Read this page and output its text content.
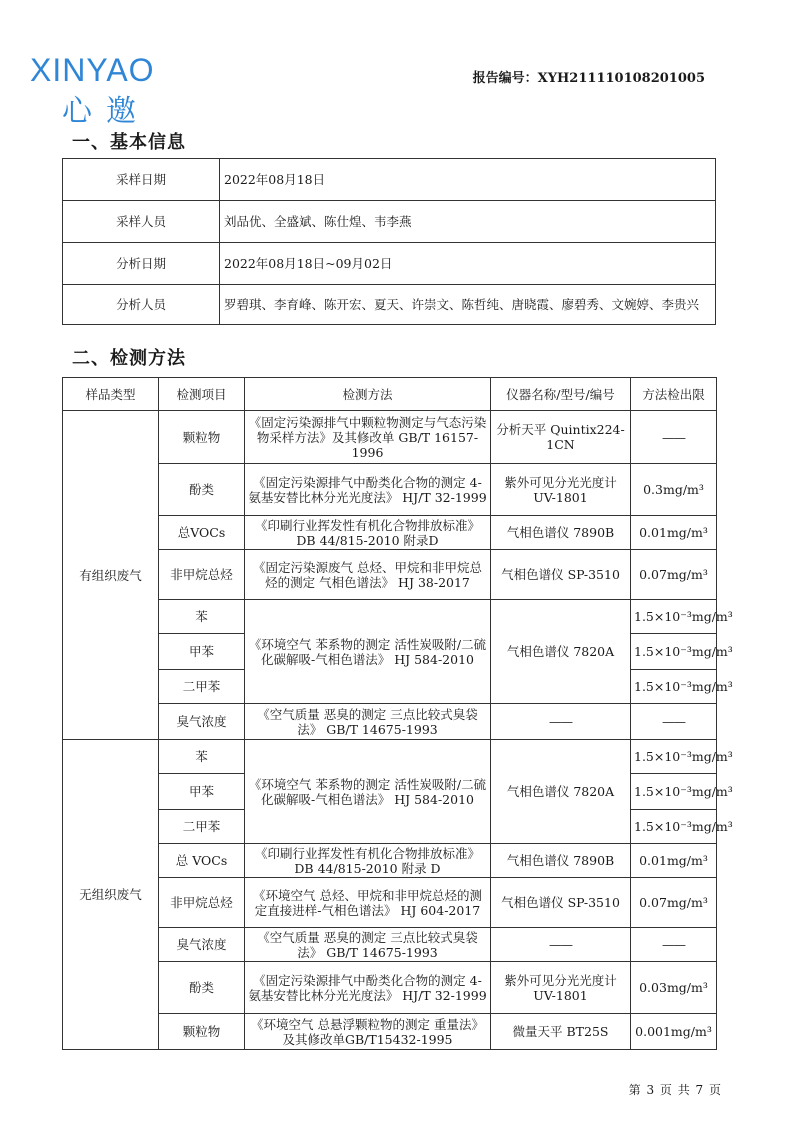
XINYAO
心邀
报告编号：XYH211110108201005
一、基本信息
采样日期	2022年08月18日
采样人员	刘品优、全盛斌、陈仕煌、韦李燕
分析日期	2022年08月18日~09月02日
分析人员	罗碧琪、李育峰、陈开宏、夏天、许崇文、陈哲纯、唐晓霞、廖碧秀、文婉婷、李贵兴
二、检测方法
样品类型	检测项目	检测方法	仪器名称/型号/编号	方法检出限
有组织废气	颗粒物	《固定污染源排气中颗粒物测定与气态污染物采样方法》及其修改单 GB/T 16157-1996	分析天平 Quintix224-1CN	——
	酚类	《固定污染源排气中酚类化合物的测定 4-氨基安替比林分光光度法》 HJ/T 32-1999	紫外可见分光光度计UV-1801	0.3mg/m³
	总VOCs	《印刷行业挥发性有机化合物排放标准》DB 44/815-2010 附录D	气相色谱仪 7890B	0.01mg/m³
	非甲烷总烃	《固定污染源废气 总烃、甲烷和非甲烷总烃的测定 气相色谱法》 HJ 38-2017	气相色谱仪 SP-3510	0.07mg/m³
	苯	《环境空气 苯系物的测定 活性炭吸附/二硫化碳解吸-气相色谱法》 HJ 584-2010	气相色谱仪 7820A	1.5×10⁻³mg/m³
	甲苯			1.5×10⁻³mg/m³
	二甲苯			1.5×10⁻³mg/m³
	臭气浓度	《空气质量 恶臭的测定 三点比较式臭袋法》 GB/T 14675-1993	——	——
无组织废气	苯	《环境空气 苯系物的测定 活性炭吸附/二硫化碳解吸-气相色谱法》 HJ 584-2010	气相色谱仪 7820A	1.5×10⁻³mg/m³
	甲苯			1.5×10⁻³mg/m³
	二甲苯			1.5×10⁻³mg/m³
	总 VOCs	《印刷行业挥发性有机化合物排放标准》DB 44/815-2010 附录 D	气相色谱仪 7890B	0.01mg/m³
	非甲烷总烃	《环境空气 总烃、甲烷和非甲烷总烃的测定直接进样-气相色谱法》 HJ 604-2017	气相色谱仪 SP-3510	0.07mg/m³
	臭气浓度	《空气质量 恶臭的测定 三点比较式臭袋法》 GB/T 14675-1993	——	——
	酚类	《固定污染源排气中酚类化合物的测定 4-氨基安替比林分光光度法》 HJ/T 32-1999	紫外可见分光光度计UV-1801	0.03mg/m³
	颗粒物	《环境空气 总悬浮颗粒物的测定 重量法》及其修改单GB/T15432-1995	微量天平 BT25S	0.001mg/m³
第 3 页 共 7 页
